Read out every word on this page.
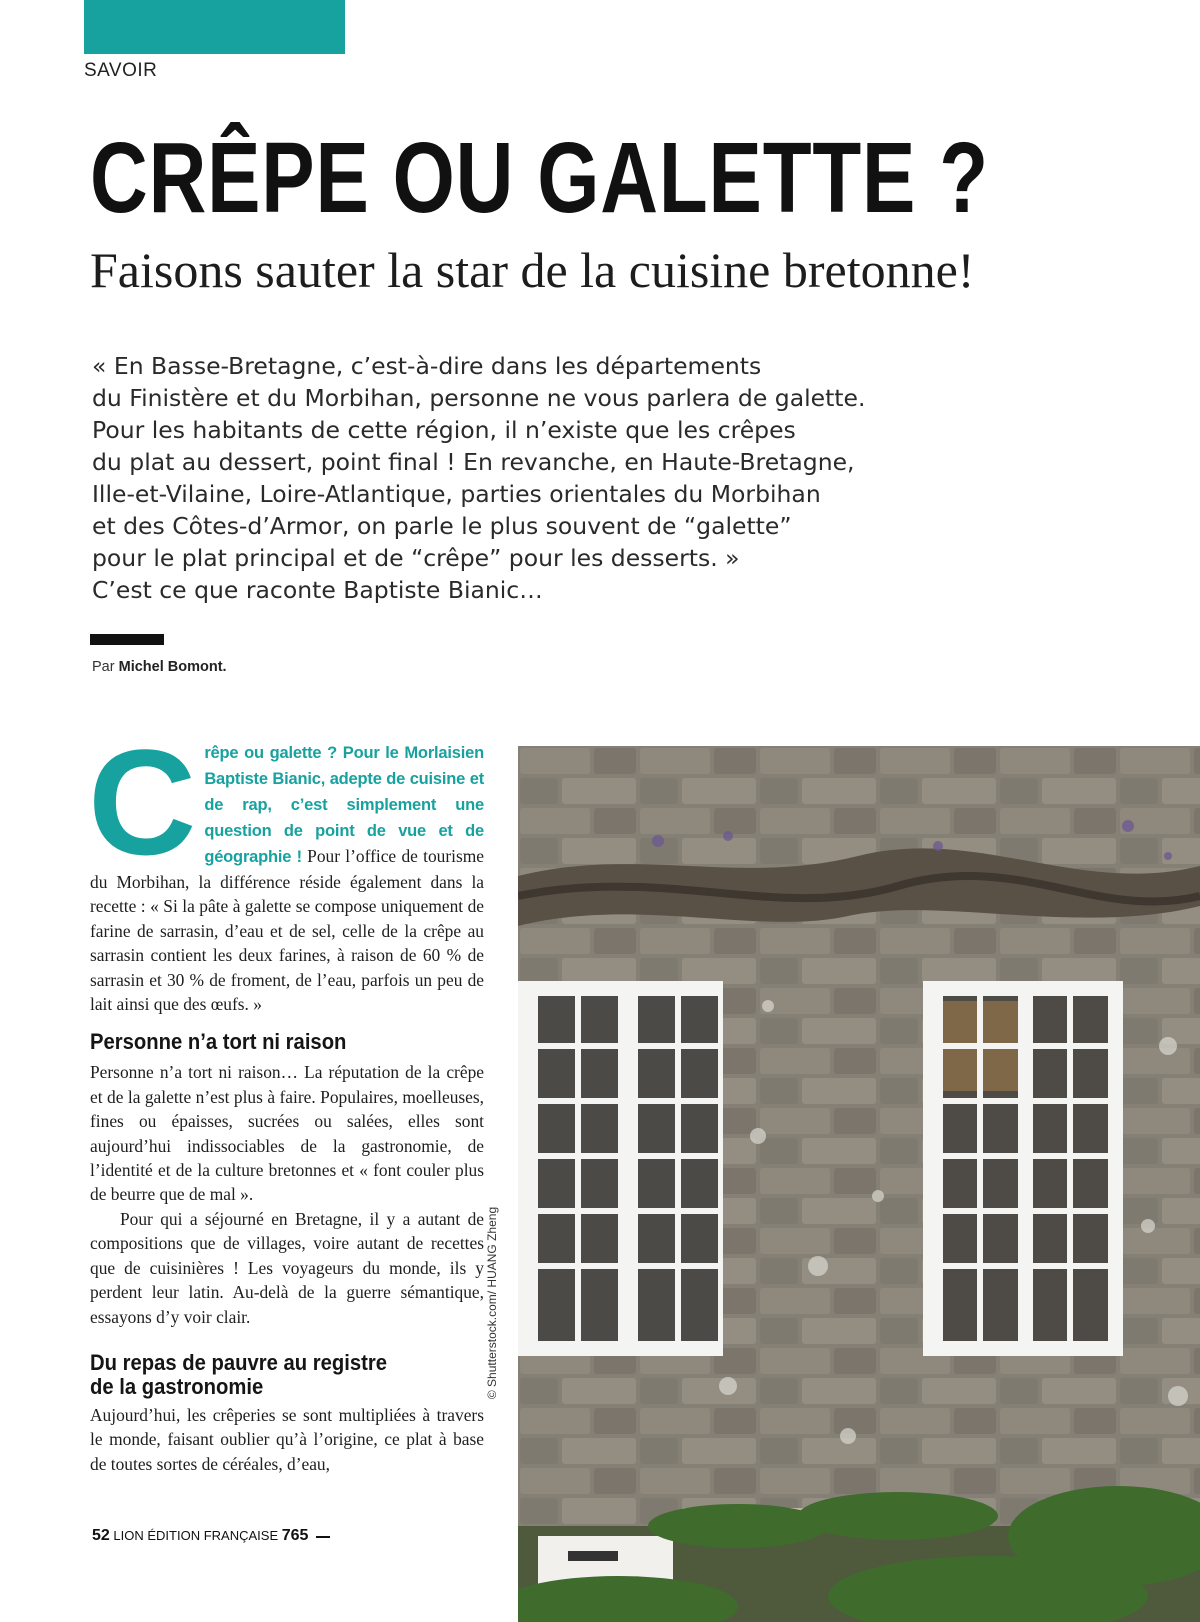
SAVOIR
CRÊPE OU GALETTE ?
Faisons sauter la star de la cuisine bretonne!
« En Basse-Bretagne, c’est-à-dire dans les départements
du Finistère et du Morbihan, personne ne vous parlera de galette.
Pour les habitants de cette région, il n’existe que les crêpes
du plat au dessert, point final ! En revanche, en Haute-Bretagne,
Ille-et-Vilaine, Loire-Atlantique, parties orientales du Morbihan
et des Côtes-d’Armor, on parle le plus souvent de “galette”
pour le plat principal et de “crêpe” pour les desserts. »
C’est ce que raconte Baptiste Bianic…
Par Michel Bomont.
C rêpe ou galette ? Pour le Morlaisien Baptiste Bianic, adepte de cuisine et de rap, c’est simplement une question de point de vue et de géographie ! Pour l’office de tourisme du Morbihan, la différence réside également dans la recette : « Si la pâte à galette se compose uniquement de farine de sarrasin, d’eau et de sel, celle de la crêpe au sarrasin contient les deux farines, à raison de 60 % de sarrasin et 30 % de froment, de l’eau, parfois un peu de lait ainsi que des œufs. »

Personne n’a tort ni raison

Personne n’a tort ni raison… La réputation de la crêpe et de la galette n’est plus à faire. Populaires, moelleuses, fines ou épaisses, sucrées ou salées, elles sont aujourd’hui indissociables de la gastronomie, de l’identité et de la culture bretonnes et « font couler plus de beurre que de mal ».

Pour qui a séjourné en Bretagne, il y a autant de compositions que de villages, voire autant de recettes que de cuisinières ! Les voyageurs du monde, ils y perdent leur latin. Au-delà de la guerre sémantique, essayons d’y voir clair.

Du repas de pauvre au registre
de la gastronomie

Aujourd’hui, les crêperies se sont multipliées à travers le monde, faisant oublier qu’à l’origine, ce plat à base de toutes sortes de céréales, d’eau,

© Shutterstock.com/ HUANG Zheng
52 LION ÉDITION FRANÇAISE 765
